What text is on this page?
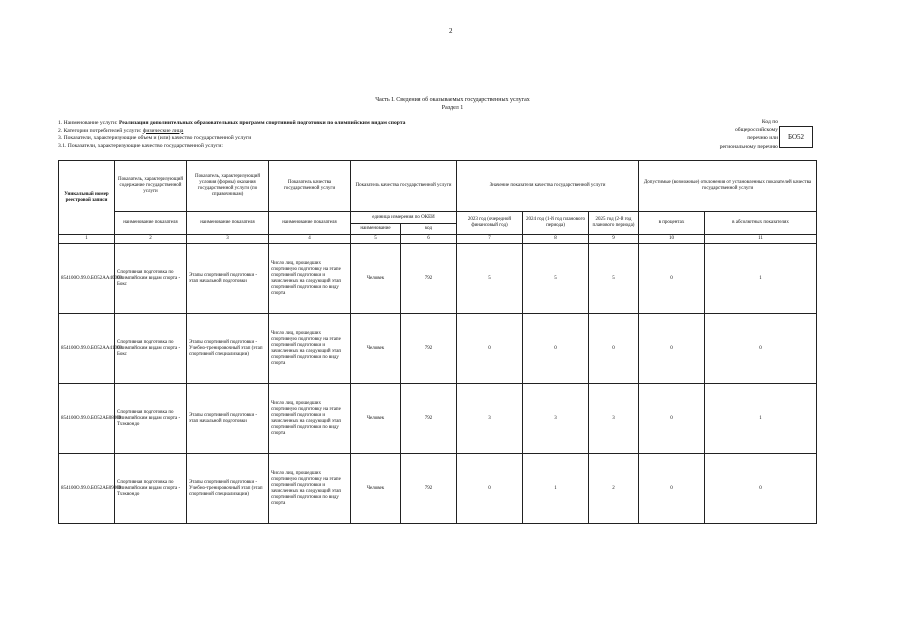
2
Часть I. Сведения об оказываемых государственных услугах
Раздел 1
1. Наименование услуги: Реализация дополнительных образовательных программ спортивной подготовки по олимпийским видам спорта
2. Категории потребителей услуги: физические лица
3. Показатели, характеризующие объем и (или) качество государственной услуги
3.1. Показатели, характеризующие качество государственной услуги:
Код по
общероссийскому
перечню или
региональному перечню
БО52
Уникальный номер реестровой записи	Показатель, характеризующий содержание государственной услуги	Показатель, характеризующий условия (формы) оказания государственной услуги (по справочникам)	Показатель качества государственной услуги	Показатель качества государственной услуги		Значение показателя качества государственной услуги			Допустимые (возможные) отклонения от установленных показателей качества государственной услуги	
	наименование показателя	наименование показателя	наименование показателя	единица измерения по ОКЕИ		2023 год (очередной финансовый год)	2024 год (1-й год планового периода)	2025 год (2-й год планового периода)	в процентах	в абсолютных показателях
				наименование	код					
1	2	3	4	5	6	7	8	9	10	11
854100О.99.0.БО52АА40000	Спортивная подготовка по Олимпийским видам спорта - Бокс	Этапы спортивной подготовки - этап начальной подготовки	Число лиц, прошедших спортивную подготовку на этапе спортивной подготовки и зачисленных на следующий этап спортивной подготовки по виду спорта	Человек	792	5	5	5	0	1
854100О.99.0.БО52АА41000	Спортивная подготовка по Олимпийским видам спорта - Бокс	Этапы спортивной подготовки - Учебно-тренировочный этап (этап спортивной специализации)	Число лиц, прошедших спортивную подготовку на этапе спортивной подготовки и зачисленных на следующий этап спортивной подготовки по виду спорта	Человек	792	0	0	0	0	0
854100О.99.0.БО52АБ08000	Спортивная подготовка по Олимпийским видам спорта - Тхэквондо	Этапы спортивной подготовки - этап начальной подготовки	Число лиц, прошедших спортивную подготовку на этапе спортивной подготовки и зачисленных на следующий этап спортивной подготовки по виду спорта	Человек	792	3	3	3	0	1
854100О.99.0.БО52АБ09000	Спортивная подготовка по Олимпийским видам спорта - Тхэквондо	Этапы спортивной подготовки - Учебно-тренировочный этап (этап спортивной специализации)	Число лиц, прошедших спортивную подготовку на этапе спортивной подготовки и зачисленных на следующий этап спортивной подготовки по виду спорта	Человек	792	0	1	2	0	0
